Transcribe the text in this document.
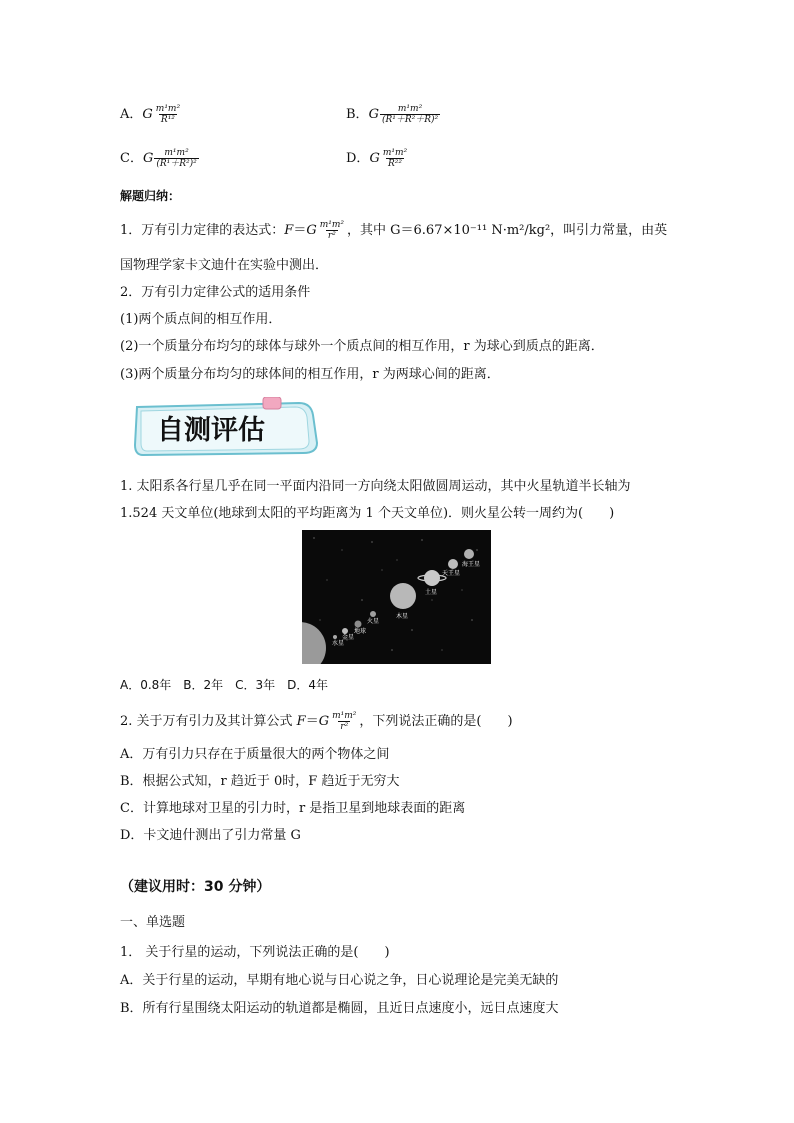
A．G $\frac{\text{m¹m²}}{\text{R¹²}}$	B．G $\frac{\text{m¹m²}}{\text{(R¹＋R²＋R)²}}$
C．G $\frac{\text{m¹m²}}{\text{(R¹＋R²)²}}$	D．G $\frac{\text{m¹m²}}{\text{R²²}}$
解题归纳：
1．万有引力定律的表达式：$F=G \frac{\text{m¹m²}}{\text{r²}}$ ，其中 G＝6.67×10⁻¹¹ N·m²/kg²，叫引力常量，由英
国物理学家卡文迪什在实验中测出．
2．万有引力定律公式的适用条件
(1)两个质点间的相互作用．
(2)一个质量分布均匀的球体与球外一个质点间的相互作用，r 为球心到质点的距离．
(3)两个质量分布均匀的球体间的相互作用，r 为两球心间的距离．
自测评估
1. 太阳系各行星几乎在同一平面内沿同一方向绕太阳做圆周运动，其中火星轨道半长轴为
1.524 天文单位(地球到太阳的平均距离为 1 个天文单位)．则火星公转一周约为(　　)
海王星
天王星
土星
木星
火星
地球
金星
水星
A．0.8年　B．2年　C．3年　D．4年
2. 关于万有引力及其计算公式 $F=G \frac{\text{m¹m²}}{\text{r²}}$ ，下列说法正确的是(　　)
A．万有引力只存在于质量很大的两个物体之间
B．根据公式知，r 趋近于 0时，F 趋近于无穷大
C．计算地球对卫星的引力时，r 是指卫星到地球表面的距离
D．卡文迪什测出了引力常量 G
（建议用时：30 分钟）
一、单选题
1． 关于行星的运动，下列说法正确的是(　　)
A．关于行星的运动，早期有地心说与日心说之争，日心说理论是完美无缺的
B．所有行星围绕太阳运动的轨道都是椭圆，且近日点速度小，远日点速度大
